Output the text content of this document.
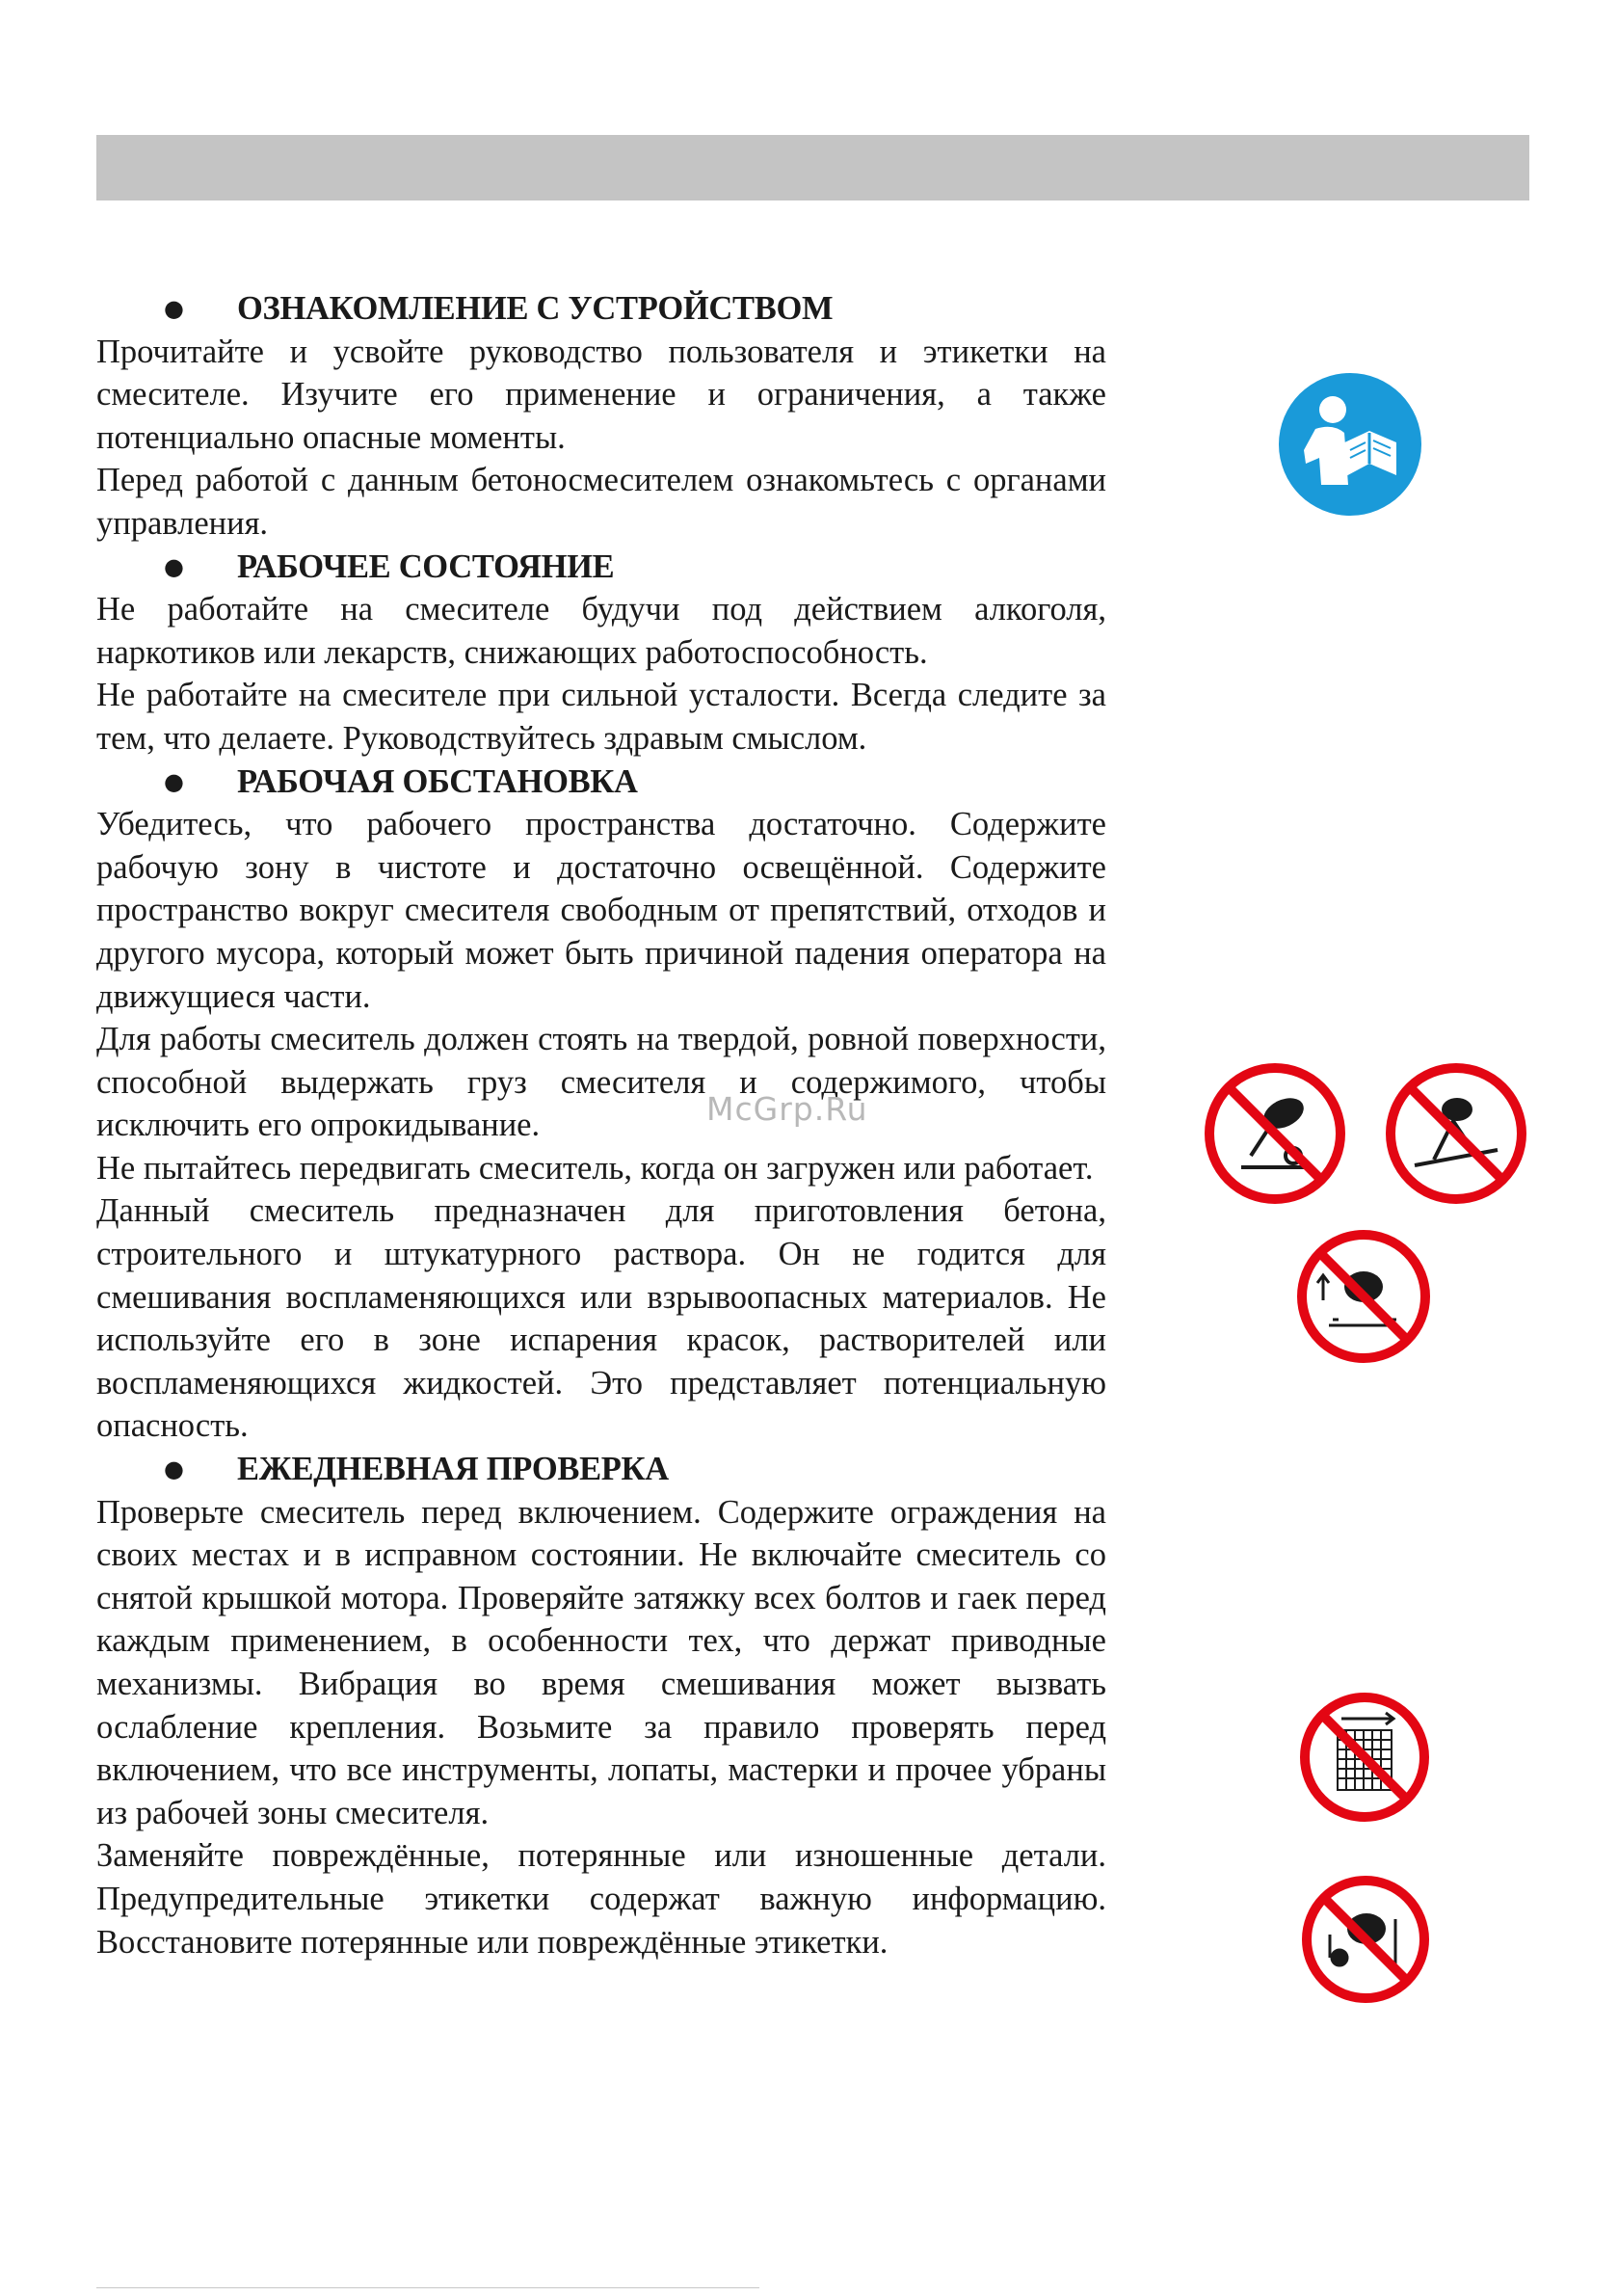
● ОЗНАКОМЛЕНИЕ С УСТРОЙСТВОМ

Прочитайте и усвойте руководство пользователя и этикетки на смесителе. Изучите его применение и ограничения, а также потенциально опасные моменты.

Перед работой с данным бетоносмесителем ознакомьтесь с органами управления.

● РАБОЧЕЕ СОСТОЯНИЕ

Не работайте на смесителе будучи под действием алкоголя, наркотиков или лекарств, снижающих работоспособность.

Не работайте на смесителе при сильной усталости. Всегда следите за тем, что делаете. Руководствуйтесь здравым смыслом.

● РАБОЧАЯ ОБСТАНОВКА

Убедитесь, что рабочего пространства достаточно. Содержите рабочую зону в чистоте и достаточно освещённой. Содержите пространство вокруг смесителя свободным от препятствий, отходов и другого мусора, который может быть причиной падения оператора на движущиеся части.

Для работы смеситель должен стоять на твердой, ровной поверхности, способной выдержать груз смесителя и содержимого, чтобы исключить его опрокидывание.

Не пытайтесь передвигать смеситель, когда он загружен или работает.

Данный смеситель предназначен для приготовления бетона, строительного и штукатурного раствора. Он не годится для смешивания воспламеняющихся или взрывоопасных материалов. Не используйте его в зоне испарения красок, растворителей или воспламеняющихся жидкостей. Это представляет потенциальную опасность.

● ЕЖЕДНЕВНАЯ ПРОВЕРКА

Проверьте смеситель перед включением. Содержите ограждения на своих местах и в исправном состоянии. Не включайте смеситель со снятой крышкой мотора. Проверяйте затяжку всех болтов и гаек перед каждым применением, в особенности тех, что держат приводные механизмы. Вибрация во время смешивания может вызвать ослабление крепления. Возьмите за правило проверять перед включением, что все инструменты, лопаты, мастерки и прочее убраны из рабочей зоны смесителя.

Заменяйте повреждённые, потерянные или изношенные детали. Предупредительные этикетки содержат важную информацию. Восстановите потерянные или повреждённые этикетки.

McGrp.Ru
